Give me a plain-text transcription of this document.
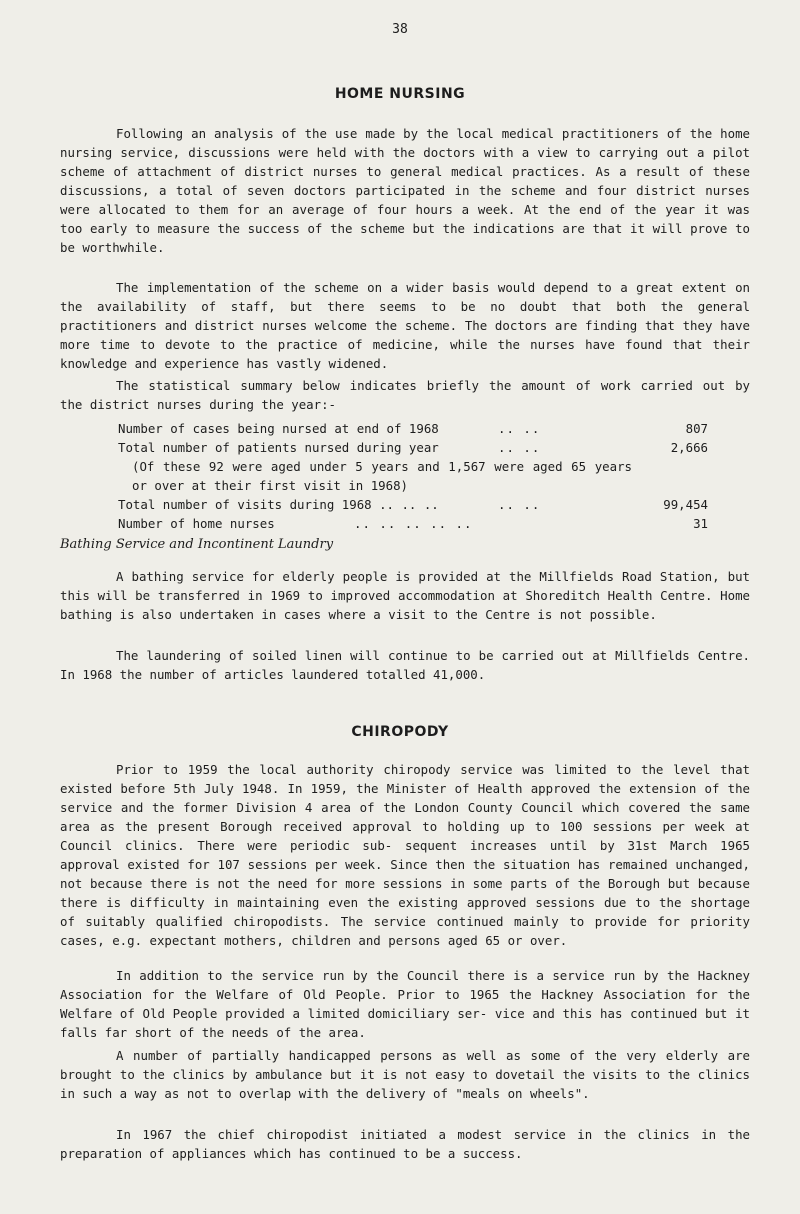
38
HOME NURSING

Following an analysis of the use made by the local medical practitioners of the home nursing service, discussions were held with the doctors with a view to carrying out a pilot scheme of attachment of district nurses to general medical practices. As a result of these discussions, a total of seven doctors participated in the scheme and four district nurses were allocated to them for an average of four hours a week. At the end of the year it was too early to measure the success of the scheme but the indications are that it will prove to be worthwhile.

The implementation of the scheme on a wider basis would depend to a great extent on the availability of staff, but there seems to be no doubt that both the general practitioners and district nurses welcome the scheme. The doctors are finding that they have more time to devote to the practice of medicine, while the nurses have found that their knowledge and experience has vastly widened.

The statistical summary below indicates briefly the amount of work carried out by the district nurses during the year:-

Number of cases being nursed at end of 1968	.. ..	807
Total number of patients nursed during year	.. ..	2,666
(Of these 92 were aged under 5 years and 1,567 were aged 65 years or over at their first visit in 1968)
Total number of visits during 1968 .. .. ..	.. ..	99,454
Number of home nurses	.. .. .. .. ..	31
Bathing Service and Incontinent Laundry

A bathing service for elderly people is provided at the Millfields Road Station, but this will be transferred in 1969 to improved accommodation at Shoreditch Health Centre. Home bathing is also undertaken in cases where a visit to the Centre is not possible.

The laundering of soiled linen will continue to be carried out at Millfields Centre. In 1968 the number of articles laundered totalled 41,000.

CHIROPODY

Prior to 1959 the local authority chiropody service was limited to the level that existed before 5th July 1948. In 1959, the Minister of Health approved the extension of the service and the former Division 4 area of the London County Council which covered the same area as the present Borough received approval to holding up to 100 sessions per week at Council clinics. There were periodic sub- sequent increases until by 31st March 1965 approval existed for 107 sessions per week. Since then the situation has remained unchanged, not because there is not the need for more sessions in some parts of the Borough but because there is difficulty in maintaining even the existing approved sessions due to the shortage of suitably qualified chiropodists. The service continued mainly to provide for priority cases, e.g. expectant mothers, children and persons aged 65 or over.

In addition to the service run by the Council there is a service run by the Hackney Association for the Welfare of Old People. Prior to 1965 the Hackney Association for the Welfare of Old People provided a limited domiciliary ser- vice and this has continued but it falls far short of the needs of the area.

A number of partially handicapped persons as well as some of the very elderly are brought to the clinics by ambulance but it is not easy to dovetail the visits to the clinics in such a way as not to overlap with the delivery of "meals on wheels".

In 1967 the chief chiropodist initiated a modest service in the clinics in the preparation of appliances which has continued to be a success.
